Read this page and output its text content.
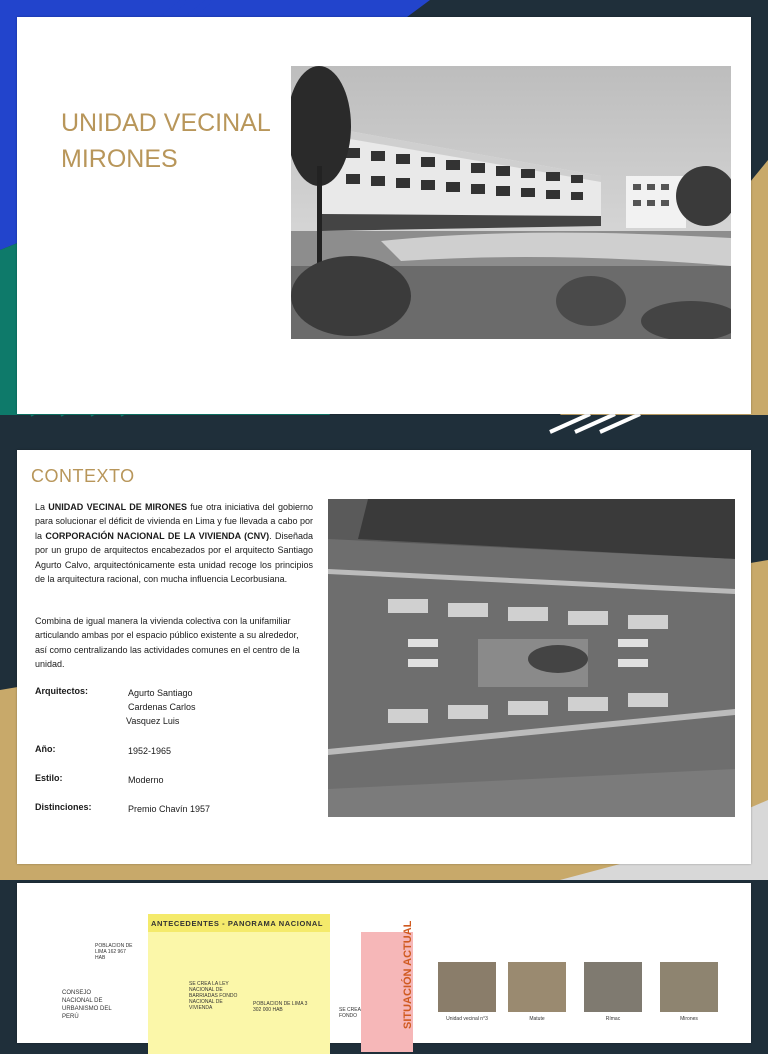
UNIDAD VECINAL MIRONES
CONTEXTO

La UNIDAD VECINAL DE MIRONES fue otra iniciativa del gobierno para solucionar el déficit de vivienda en Lima y fue llevada a cabo por la CORPORACIÓN NACIONAL DE LA VIVIENDA (CNV). Diseñada por un grupo de arquitectos encabezados por el arquitecto Santiago Agurto Calvo, arquitectónicamente esta unidad recoge los principios de la arquitectura racional, con mucha influencia Lecorbusiana.

Combina de igual manera la vivienda colectiva con la unifamiliar articulando ambas por el espacio público existente a su alrededor, así como centralizando las actividades comunes en el centro de la unidad.

Arquitectos:	Agurto Santiago
Cardenas Carlos
Vasquez Luis
Año:	1952-1965
Estilo:	Moderno
Distinciones:	Premio Chavín 1957
ANTECEDENTES - PANORAMA NACIONAL
POBLACION DE LIMA 162 967 HAB
CONSEJO NACIONAL DE URBANISMO DEL PERÚ
SE CREA LA LEY NACIONAL DE BARRIADAS FONDO NACIONAL DE VIVIENDA
POBLACION DE LIMA 3 302 000 HAB	SE CREA FONDO	SITUACIÓN ACTUAL	Unidad vecinal n°3	Matute	Rímac	Mirones
